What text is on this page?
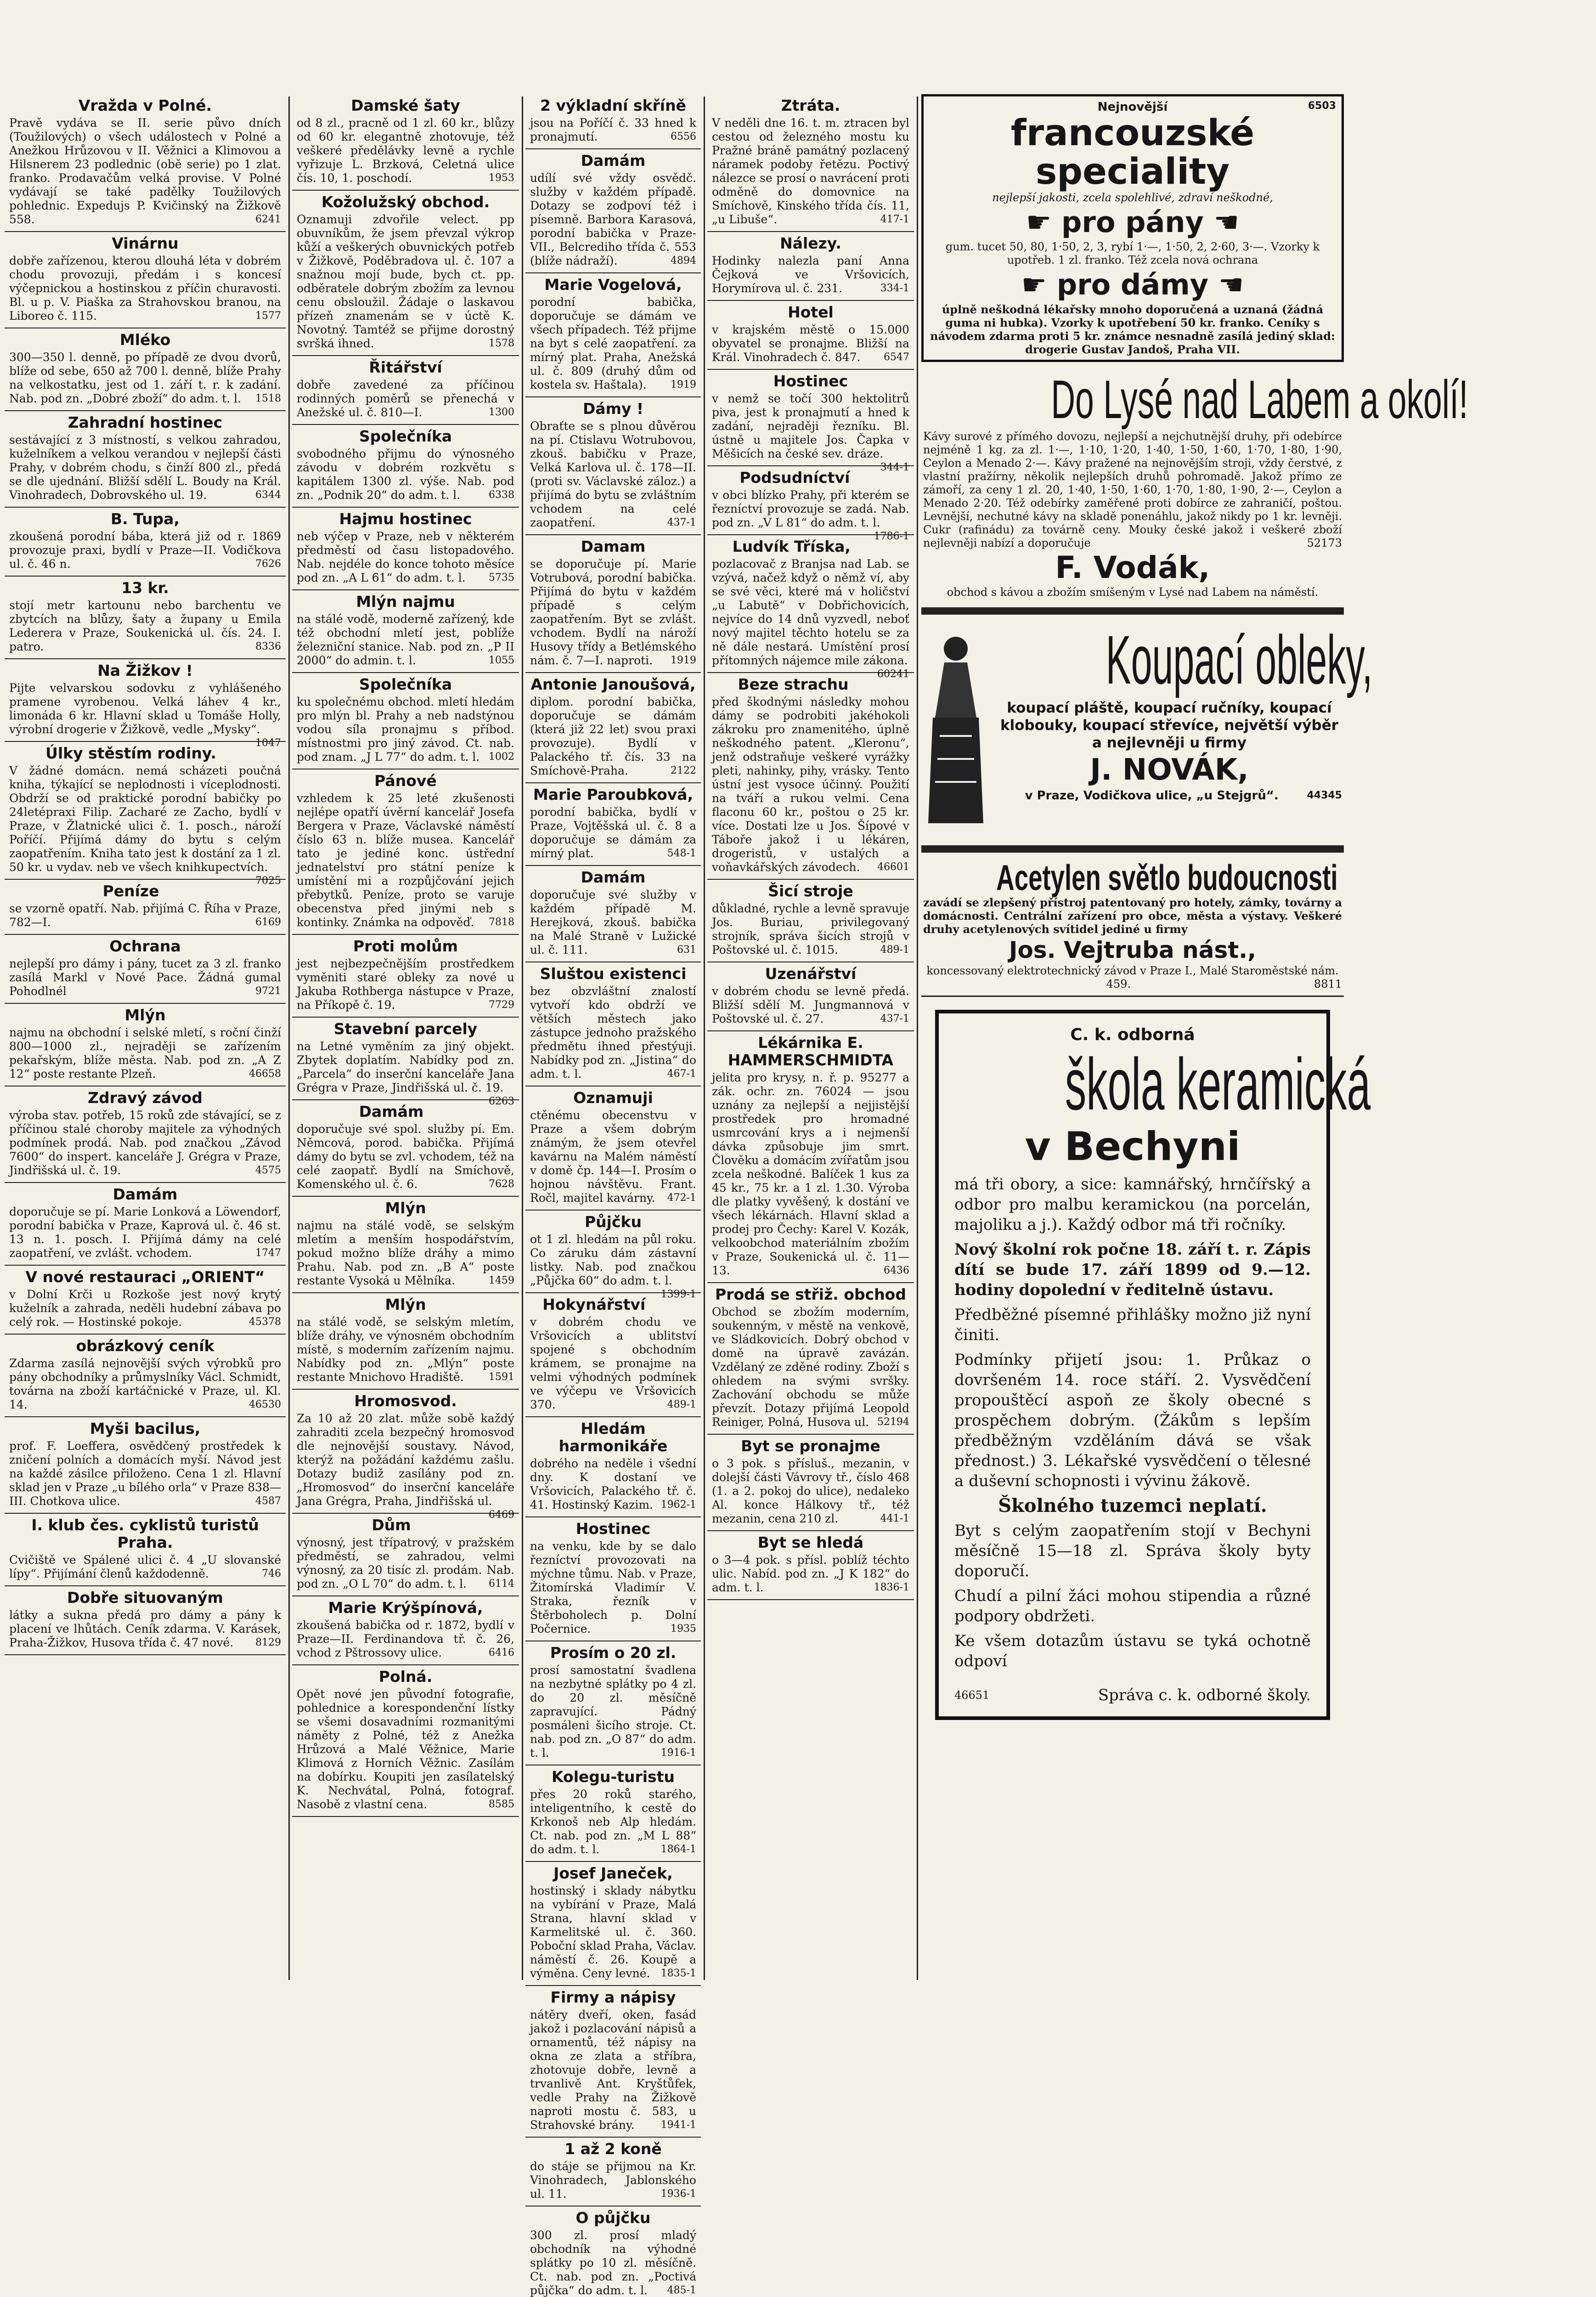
Vražda v Polné.
Pravě vydáva se II. serie půvo dních (Toužilových) o všech událostech v Polné a Anežkou Hrůzovou v II. Věžnici a Klimovou a Hilsnerem 23 podlednic (obě serie) po 1 zlat. franko. Prodavačům velká provise. V Polné vydávají se také padělky Toužilových pohlednic. Expedujs P. Kvičinský na Žižkově 558.	6241
Vinárnu
dobře zařízenou, kterou dlouhá léta v dobrém chodu provozuji, předám i s koncesí výčepnickou a hostinskou z příčin churavosti. Bl. u p. V. Piaška za Strahovskou branou, na Liboreo č. 115.	1577
Mléko
300—350 l. denně, po případě ze dvou dvorů, blíže od sebe, 650 až 700 l. denně, blíže Prahy na velkostatku, jest od 1. září t. r. k zadání. Nab. pod zn. „Dobré zboží“ do adm. t. l. 1518
Zahradní hostinec
sestávající z 3 místností, s velkou zahradou, kuželníkem a velkou verandou v nejlepší části Prahy, v dobrém chodu, s činží 800 zl., předá se dle ujednání. Bližší sdělí L. Boudy na Král. Vinohradech, Dobrovského ul. 19.	6344
B. Tupa,
zkoušená porodní bába, která již od r. 1869 provozuje praxi, bydlí v Praze—II. Vodičkova ul. č. 46 n.	7626
13 kr.
stojí metr kartounu nebo barchentu ve zbytcích na blůzy, šaty a župany u Emila Lederera v Praze, Soukenická ul. čís. 24. I. patro.	8336
Na Žižkov !
Pijte velvarskou sodovku z vyhlášeného pramene vyrobenou. Velká láhev 4 kr., limonáda 6 kr. Hlavní sklad u Tomáše Holly, výrobní drogerie v Žižkově, vedle „Mysky“.
1047
Úlky stěstím rodiny.
V žádné domácn. nemá scházeti poučná kniha, týkající se neplodnosti i víceplodnosti. Obdrží se od praktické porodní babičky po 24letépraxi Filip. Zacharé ze Zacho, bydlí v Praze, v Žlatnické ulici č. 1. posch., nároží Poříčí. Přijímá dámy do bytu s celým zaopatřením. Kniha tato jest k dostání za 1 zl. 50 kr. u vydav. neb ve všech knihkupectvích.
7025
Peníze
se vzorně opatří. Nab. přijímá C. Říha v Praze, 782—I.	6169
Ochrana
nejlepší pro dámy i pány, tucet za 3 zl. franko zasílá Markl v Nové Pace. Žádná gumal Pohodlnél	9721
Mlýn
najmu na obchodní i selské mletí, s roční činží 800—1000 zl., nejraději se zařízením pekařským, blíže města. Nab. pod zn. „A Z 12“ poste restante Plzeň.	46658
Zdravý závod
výroba stav. potřeb, 15 roků zde stávající, se z příčinou stalé choroby majitele za výhodných podmínek prodá. Nab. pod značkou „Závod 7600“ do inspert. kanceláře J. Grégra v Praze, Jindřišská ul. č. 19.	4575
Damám
doporučuje se pí. Marie Lonková a Löwendorf, porodní babička v Praze, Kaprová ul. č. 46 st. 13 n. 1. posch. I. Přijímá dámy na celé zaopatření, ve zvlášt. vchodem.	1747
V nové restauraci „ORIENT“
v Dolní Krči u Rozkoše jest nový krytý kuželník a zahrada, neděli hudební zábava po celý rok. — Hostinské pokoje.	45378
obrázkový ceník
Zdarma zasílá nejnovější svých výrobků pro pány obchodníky a průmyslníky Václ. Schmidt, továrna na zboží kartáčnické v Praze, ul. Kl. 14.	46530
Myši bacilus,
prof. F. Loeffera, osvědčený prostředek k zničení polních a domácích myší. Návod jest na každé zásilce přiloženo. Cena 1 zl. Hlavní sklad jen v Praze „u bílého orla“ v Praze 838—III. Chotkova ulice.	4587
I. klub čes. cyklistů turistů Praha.
Cvičiště ve Spálené ulici č. 4 „U slovanské lípy“. Přijímání členů každodenně.	746
Dobře situovaným
látky a sukna předá pro dámy a pány k placení ve lhůtách. Ceník zdarma. V. Karásek, Praha-Žižkov, Husova třída č. 47 nové. 8129
Damské šaty
od 8 zl., pracně od 1 zl. 60 kr., blůzy od 60 kr. elegantně zhotovuje, též veškeré předělávky levně a rychle vyřizuje L. Brzková, Celetná ulice čís. 10, 1. poschodí.	1953
Kožolužský obchod.
Oznamuji zdvořile velect. pp obuvníkům, že jsem převzal výkrop kůží a veškerých obuvnických potřeb v Žižkově, Poděbradova ul. č. 107 a snažnou mojí bude, bych ct. pp. odběratele dobrým zbožím za levnou cenu obsloužil. Žádaje o laskavou přízeň znamenám se v úctě K. Novotný. Tamtéž se přijme dorostný svršká ihned.	1578
Řitářství
dobře zavedené za příčinou rodinných poměrů se přenechá v Anežské ul. č. 810—I.	1300
Společníka
svobodného přijmu do výnosného závodu v dobrém rozkvětu s kapitálem 1300 zl. výše. Nab. pod zn. „Podnik 20“ do adm. t. l.	6338
Hajmu hostinec
neb výčep v Praze, neb v některém předměstí od času listopadového. Nab. nejdéle do konce tohoto měsíce pod zn. „A L 61“ do adm. t. l. 5735
Mlýn najmu
na stálé vodě, moderně zařízený, kde též obchodní mletí jest, poblíže železniční stanice. Nab. pod zn. „P II 2000“ do admin. t. l.	1055
Společníka
ku společnému obchod. mletí hledám pro mlýn bl. Prahy a neb nadstýnou vodou síla pronajmu s příbod. místnostmi pro jiný závod. Ct. nab. pod znam. „J L 77“ do adm. t. l. 1002
Pánové
vzhledem k 25 leté zkušenosti nejlépe opatří úvěrní kancelář Josefa Bergera v Praze, Václavské náměstí číslo 63 n. blíže musea. Kancelář tato je jediné konc. ústřední jednatelství pro státní peníze k umístění mi a rozpůjčování jejich přebytků. Peníze, proto se varuje obecenstva před jinými neb s kontinky. Známka na odpověď. 7818
Proti molům
jest nejbezpečnějším prostředkem vyměniti staré obleky za nové u Jakuba Rothberga nástupce v Praze, na Příkopě č. 19.	7729
Stavební parcely
na Letné vyměním za jiný objekt. Zbytek doplatím. Nabídky pod zn. „Parcela“ do inserční kanceláře Jana Grégra v Praze, Jindřišská ul. č. 19.
6263
Damám
doporučuje své spol. služby pí. Em. Němcová, porod. babička. Přijímá dámy do bytu se zvl. vchodem, též na celé zaopatř. Bydlí na Smíchově, Komenského ul. č. 6.	7628
Mlýn
najmu na stálé vodě, se selským mletím a menším hospodářstvím, pokud možno blíže dráhy a mimo Prahu. Nab. pod zn. „B A“ poste restante Vysoká u Mělníka.	1459
Mlýn
na stálé vodě, se selským mletím, blíže dráhy, ve výnosném obchodním místě, s moderním zařízením najmu. Nabídky pod zn. „Mlýn“ poste restante Mnichovo Hradiště. 1591
Hromosvod.
Za 10 až 20 zlat. může sobě každý zahraditi zcela bezpečný hromosvod dle nejnovější soustavy. Návod, kterýž na požádání každému zašlu. Dotazy budiž zasílány pod zn. „Hromosvod“ do inserční kanceláře Jana Grégra, Praha, Jindřišská ul.
6469
Dům
výnosný, jest třípatrový, v pražském předměstí, se zahradou, velmi výnosný, za 20 tisíc zl. prodám. Nab. pod zn. „O L 70“ do adm. t. l. 6114
Marie Krýšpínová,
zkoušená babička od r. 1872, bydlí v Praze—II. Ferdinandova tř. č. 26, vchod z Pštrossovy ulice.	6416
Polná.
Opět nové jen původní fotografie, pohlednice a korespondenční lístky se všemi dosavadními rozmanitými náměty z Polné, též z Anežka Hrůzová a Malé Věžnice, Marie Klimová z Horních Věžnic. Zasílám na dobírku. Koupiti jen zasílatelský K. Nechvátal, Polná, fotograf. Nasobě z vlastní cena.	8585
2 výkladní skříně
jsou na Poříčí č. 33 hned k pronajmutí.	6556
Damám
udílí své vždy osvědč. služby v každém případě. Dotazy se zodpoví též i písemně. Barbora Karasová, porodní babička v Praze-VII., Belcrediho třída č. 553 (blíže nádraží).	4894
Marie Vogelová,
porodní babička, doporučuje se dámám ve všech případech. Též přijme na byt s celé zaopatření. za mírný plat. Praha, Anežská ul. č. 809 (druhý dům od kostela sv. Haštala). 1919
Dámy !
Obraťte se s plnou důvěrou na pí. Ctislavu Wotrubovou, zkouš. babičku v Praze, Velká Karlova ul. č. 178—II. (proti sv. Václavské záloz.) a přijímá do bytu se zvláštním vchodem na celé zaopatření.	437-1
Damam
se doporučuje pí. Marie Votrubová, porodní babička. Přijímá do bytu v každém případě s celým zaopatřením. Byt se zvlášt. vchodem. Bydlí na nároží Husovy třídy a Betlémského nám. č. 7—I. naproti. 1919
Antonie Janoušová,
diplom. porodní babička, doporučuje se dámám (která již 22 let) svou praxi provozuje). Bydlí v Palackého tř. čís. 33 na Smíchově-Praha.	2122
Marie Paroubková,
porodní babička, bydlí v Praze, Vojtěšská ul. č. 8 a doporučuje se dámám za mírný plat.	548-1
Damám
doporučuje své služby v každém případě M. Herejková, zkouš. babička na Malé Straně v Lužické ul. č. 111.	631
Sluštou existenci
bez obzvláštní znalostí vytvoří kdo obdrží ve větších městech jako zástupce jednoho pražského předmětu ihned přestýuji. Nabídky pod zn. „Jistina“ do adm. t. l.	467-1
Oznamuji
ctěnému obecenstvu v Praze a všem dobrým známým, že jsem otevřel kavárnu na Malém náměstí v domě čp. 144—I. Prosím o hojnou návštěvu. Frant. Ročl, majitel kavárny. 472-1
Půjčku
ot 1 zl. hledám na půl roku. Co záruku dám zástavní listky. Nab. pod značkou „Půjčka 60“ do adm. t. l.
1399-1
Hokynářství
v dobrém chodu ve Vršovicích a ublitství spojené s obchodním krámem, se pronajme na velmi výhodných podmínek ve výčepu ve Vršovicích 370.	489-1
Hledám harmonikáře
dobrého na neděle i všední dny. K dostaní ve Vršovicích, Palackého tř. č. 41. Hostinský Kazim. 1962-1
Hostinec
na venku, kde by se dalo řezníctví provozovati na mýchne tůmu. Nab. v Praze, Žitomírská Vladimír V. Straka, řezník v Štěrboholech p. Dolní Počernice.	1935
Prosím o 20 zl.
prosí samostatní švadlena na nezbytné splátky po 4 zl. do 20 zl. měsíčně zapravující. Pádný posmáleni šicího stroje. Ct. nab. pod zn. „O 87“ do adm. t. l.	1916-1
Kolegu-turistu
přes 20 roků starého, inteligentního, k cestě do Krkonoš neb Alp hledám. Ct. nab. pod zn. „M L 88“ do adm. t. l.	1864-1
Josef Janeček,
hostinský i sklady nábytku na vybírání v Praze, Malá Strana, hlavní sklad v Karmelitské ul. č. 360. Poboční sklad Praha, Václav. náměstí č. 26. Koupě a výměna. Ceny levné. 1835-1
Firmy a nápisy
nátěry dveří, oken, fasád jakož i pozlacování nápisů a ornamentů, též nápisy na okna ze zlata a stříbra, zhotovuje dobře, levně a trvanlivě Ant. Kryštůfek, vedle Prahy na Žižkově naproti mostu č. 583, u Strahovské brány.	1941-1
1 až 2 koně
do stáje se přijmou na Kr. Vinohradech, Jablonského ul. 11.	1936-1
O půjčku
300 zl. prosí mladý obchodník na výhodné splátky po 10 zl. měsíčně. Ct. nab. pod zn. „Poctivá půjčka“ do adm. t. l. 485-1
Ztráta.
V neděli dne 16. t. m. ztracen byl cestou od železného mostu ku Pražné bráně památný pozlacený náramek podoby řetězu. Poctivý nálezce se prosí o navrácení proti odměně do domovnice na Smíchově, Kinského třída čís. 11, „u Libuše“.	417-1
Nálezy.
Hodinky nalezla paní Anna Čejková ve Vršovicích, Horymírova ul. č. 231.	334-1
Hotel
v krajském městě o 15.000 obyvatel se pronajme. Bližší na Král. Vinohradech č. 847. 6547
Hostinec
v nemž se točí 300 hektolitrů piva, jest k pronajmutí a hned k zadání, nejraději řezníku. Bl. ústně u majitele Jos. Čapka v Měšicích na české sev. dráze.
344-1
Podsudníctví
v obci blízko Prahy, při kterém se řezníctví provozuje se zadá. Nab. pod zn. „V L 81“ do adm. t. l.
1786-1
Ludvík Tříska,
pozlacovač z Branjsa nad Lab. se vzývá, načež když o němž ví, aby se své věci, které má v holičství „u Labutě“ v Dobřichovicích, nejvíce do 14 dnů vyzvedl, neboť nový majitel těchto hotelu se za ně dále nestará. Umístění prosí přítomných nájemce mile zákona.
60241
Beze strachu
před škodnými následky mohou dámy se podrobiti jakéhokoli zákroku pro znamenitého, úplně neškodného patent. „Kleronu“, jenž odstraňuje veškeré vyrážky pleti, nahinky, pihy, vrásky. Tento ústní jest vysoce účinný. Použití na tváří a rukou velmi. Cena flaconu 60 kr., poštou o 25 kr. více. Dostati lze u Jos. Šípové v Táboře jakož i u lékáren, drogeristů, v ustalých a voňavkářských závodech. 46601
Šicí stroje
důkladné, rychle a levně spravuje Jos. Buriau, privilegovaný strojník, správa šicích strojů v Poštovské ul. č. 1015.	489-1
Uzenářství
v dobrém chodu se levně předá. Bližší sdělí M. Jungmannová v Poštovské ul. č. 27.	437-1
Lékárnika E. HAMMERSCHMIDTA
jelita pro krysy, n. ř. p. 95277 a zák. ochr. zn. 76024 — jsou uznány za nejlepší a nejjistější prostředek pro hromadné usmrcování krys a i nejmenší dávka způsobuje jim smrt. Člověku a domácím zvířatům jsou zcela neškodné. Balíček 1 kus za 45 kr., 75 kr. a 1 zl. 1.30. Výroba dle platky vyvěšený, k dostání ve všech lékárnách. Hlavní sklad a prodej pro Čechy: Karel V. Kozák, velkoobchod materiálním zbožím v Praze, Soukenická ul. č. 11—13.	6436
Prodá se střiž. obchod
Obchod se zbožím moderním, soukenným, v městě na venkově, ve Sládkovicích. Dobrý obchod v domě na úpravě zavázán. Vzdělaný ze zděné rodiny. Zboží s ohledem na svými svršky. Zachování obchodu se může převzít. Dotazy přijímá Leopold Reiniger, Polná, Husova ul. 52194
Byt se pronajme
o 3 pok. s přísluš., mezanin, v dolejší části Vávrovy tř., číslo 468 (1. a 2. pokoj do ulice), nedaleko Al. konce Hálkovy tř., též mezanin, cena 210 zl.	441-1
Byt se hledá
o 3—4 pok. s přísl. poblíž téchto ulic. Nabíd. pod zn. „J K 182“ do adm. t. l.	1836-1
Nejnovější	6503
francouzské speciality
nejlepší jakosti, zcela spolehlivé, zdraví neškodné,
☛ pro pány ☚
gum. tucet 50, 80, 1·50, 2, 3, rybí 1·—, 1·50, 2, 2·60, 3·—. Vzorky k upotřeb. 1 zl. franko. Též zcela nová ochrana
☛ pro dámy ☚
úplně neškodná lékařsky mnoho doporučená a uznaná (žádná guma ni hubka). Vzorky k upotřebení 50 kr. franko. Ceníky s návodem zdarma proti 5 kr. známce nesnadně zasílá jediný sklad: drogerie Gustav Jandoš, Praha VII.
Do Lysé nad Labem a okolí!
Kávy surové z přímého dovozu, nejlepší a nejchutnější druhy, při odebírce nejméně 1 kg. za zl. 1·—, 1·10, 1·20, 1·40, 1·50, 1·60, 1·70, 1·80, 1·90, Ceylon a Menado 2·—. Kávy pražené na nejnovějším stroji, vždy čerstvé, z vlastní pražírny, několik nejlepších druhů pohromadě. Jakož přímo ze zámoří, za ceny 1 zl. 20, 1·40, 1·50, 1·60, 1·70, 1·80, 1·90, 2·—, Ceylon a Menado 2·20. Též odebírky zaměřené proti dobírce ze zahraničí, poštou. Levnější, nechutné kávy na skladě ponenáhlu, jakož nikdy po 1 kr. levněji. Cukr (rafinádu) za továrně ceny. Mouky české jakož i veškeré zboží nejlevněji nabízí a doporučuje	52173
F. Vodák,
obchod s kávou a zbožím smíšeným v Lysé nad Labem na náměstí.
Koupací obleky,
koupací pláště, koupací ručníky, koupací klobouky, koupací střevíce, největší výběr a nejlevněji u firmy
J. NOVÁK,
v Praze, Vodičkova ulice, „u Stejgrů“.	44345
Acetylen světlo budoucnosti
zavádí se zlepšený přístroj patentovaný pro hotely, zámky, továrny a domácnosti. Centrální zařízení pro obce, města a výstavy. Veškeré druhy acetylenových svítidel jediné u firmy
Jos. Vejtruba nást.,
koncessovaný elektrotechnický závod v Praze I., Malé Staroměstské nám. 459.	8811
C. k. odborná
škola keramická
v Bechyni

má tři obory, a sice: kamnářský, hrnčířský a odbor pro malbu keramickou (na porcelán, majoliku a j.). Každý odbor má tři ročníky.

Nový školní rok počne 18. září t. r. Zápis dítí se bude 17. září 1899 od 9.—12. hodiny dopolední v ředitelně ústavu.

Předběžné písemné přihlášky možno již nyní činiti.

Podmínky přijetí jsou: 1. Průkaz o dovršeném 14. roce stáří. 2. Vysvědčení propouštěcí aspoň ze školy obecné s prospěchem dobrým. (Žákům s lepším předběžným vzděláním dává se však přednost.) 3. Lékařské vysvědčení o tělesné a duševní schopnosti i vývinu žákově.

Školného tuzemci neplatí.

Byt s celým zaopatřením stojí v Bechyni měsíčně 15—18 zl. Správa školy byty doporučí.

Chudí a pilní žáci mohou stipendia a různé podpory obdržeti.

Ke všem dotazům ústavu se tyká ochotně odpoví

46651	Správa c. k. odborné školy.
